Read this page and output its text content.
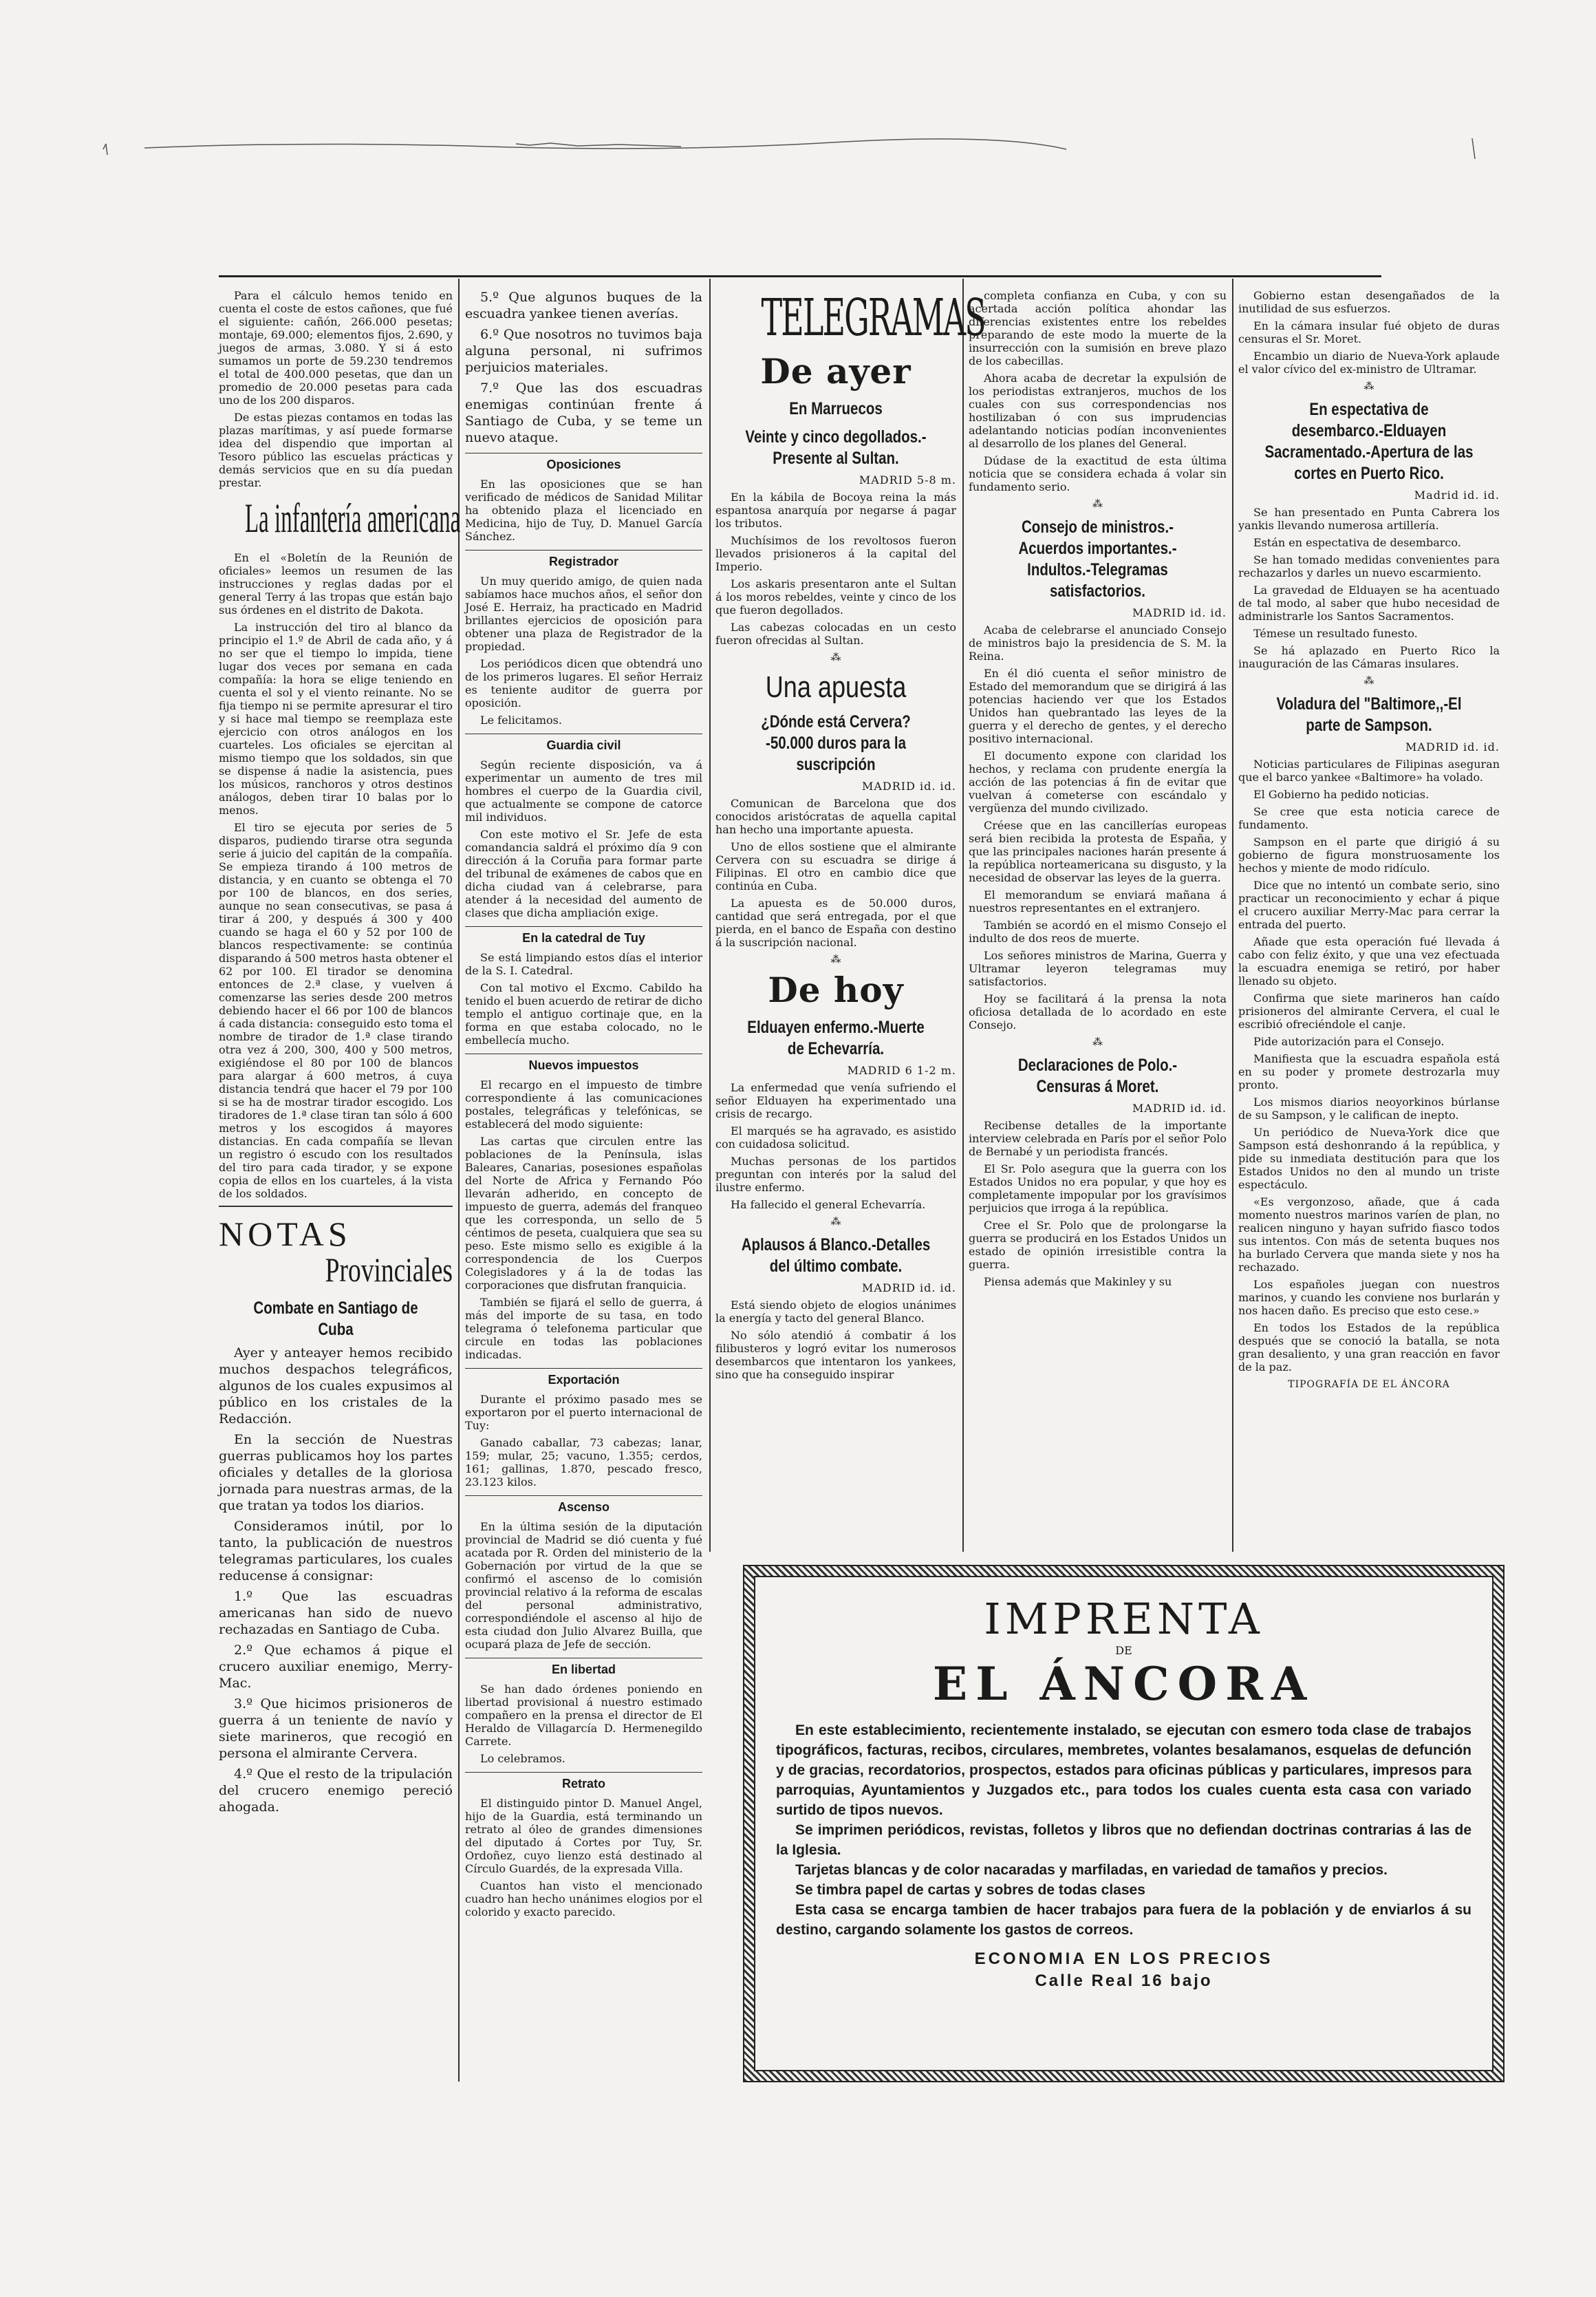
Para el cálculo hemos tenido en cuenta el coste de estos cañones, que fué el siguiente: cañón, 266.000 pesetas; montaje, 69.000; elementos fijos, 2.690, y juegos de armas, 3.080. Y si á esto sumamos un porte de 59.230 tendremos el total de 400.000 pesetas, que dan un promedio de 20.000 pesetas para cada uno de los 200 disparos.

De estas piezas contamos en todas las plazas marítimas, y así puede formarse idea del dispendio que importan al Tesoro público las escuelas prácticas y demás servicios que en su día puedan prestar.

La infantería americana

En el «Boletín de la Reunión de oficiales» leemos un resumen de las instrucciones y reglas dadas por el general Terry á las tropas que están bajo sus órdenes en el distrito de Dakota.

La instrucción del tiro al blanco da principio el 1.º de Abril de cada año, y á no ser que el tiempo lo impida, tiene lugar dos veces por semana en cada compañía: la hora se elige teniendo en cuenta el sol y el viento reinante. No se fija tiempo ni se permite apresurar el tiro y si hace mal tiempo se reemplaza este ejercicio con otros análogos en los cuarteles. Los oficiales se ejercitan al mismo tiempo que los soldados, sin que se dispense á nadie la asistencia, pues los músicos, ranchoros y otros destinos análogos, deben tirar 10 balas por lo menos.

El tiro se ejecuta por series de 5 disparos, pudiendo tirarse otra segunda serie á juicio del capitán de la compañía. Se empieza tirando á 100 metros de distancia, y en cuanto se obtenga el 70 por 100 de blancos, en dos series, aunque no sean consecutivas, se pasa á tirar á 200, y después á 300 y 400 cuando se haga el 60 y 52 por 100 de blancos respectivamente: se continúa disparando á 500 metros hasta obtener el 62 por 100. El tirador se denomina entonces de 2.ª clase, y vuelven á comenzarse las series desde 200 metros debiendo hacer el 66 por 100 de blancos á cada distancia: conseguido esto toma el nombre de tirador de 1.ª clase tirando otra vez á 200, 300, 400 y 500 metros, exigiéndose el 80 por 100 de blancos para alargar á 600 metros, á cuya distancia tendrá que hacer el 79 por 100 si se ha de mostrar tirador escogido. Los tiradores de 1.ª clase tiran tan sólo á 600 metros y los escogidos á mayores distancias. En cada compañía se llevan un registro ó escudo con los resultados del tiro para cada tirador, y se expone copia de ellos en los cuarteles, á la vista de los soldados.

NOTAS
Provinciales
Combate en Santiago de Cuba

Ayer y anteayer hemos recibido muchos despachos telegráficos, algunos de los cuales expusimos al público en los cristales de la Redacción.

En la sección de Nuestras guerras publicamos hoy los partes oficiales y detalles de la gloriosa jornada para nuestras armas, de la que tratan ya todos los diarios.

Consideramos inútil, por lo tanto, la publicación de nuestros telegramas particulares, los cuales reducense á consignar:

1.º Que las escuadras americanas han sido de nuevo rechazadas en Santiago de Cuba.

2.º Que echamos á pique el crucero auxiliar enemigo, Merry-Mac.

3.º Que hicimos prisioneros de guerra á un teniente de navío y siete marineros, que recogió en persona el almirante Cervera.

4.º Que el resto de la tripulación del crucero enemigo pereció ahogada.

5.º Que algunos buques de la escuadra yankee tienen averías.

6.º Que nosotros no tuvimos baja alguna personal, ni sufrimos perjuicios materiales.

7.º Que las dos escuadras enemigas continúan frente á Santiago de Cuba, y se teme un nuevo ataque.

Oposiciones

En las oposiciones que se han verificado de médicos de Sanidad Militar ha obtenido plaza el licenciado en Medicina, hijo de Tuy, D. Manuel García Sánchez.

Registrador

Un muy querido amigo, de quien nada sabíamos hace muchos años, el señor don José E. Herraiz, ha practicado en Madrid brillantes ejercicios de oposición para obtener una plaza de Registrador de la propiedad.

Los periódicos dicen que obtendrá uno de los primeros lugares. El señor Herraiz es teniente auditor de guerra por oposición.

Le felicitamos.

Guardia civil

Según reciente disposición, va á experimentar un aumento de tres mil hombres el cuerpo de la Guardia civil, que actualmente se compone de catorce mil individuos.

Con este motivo el Sr. Jefe de esta comandancia saldrá el próximo día 9 con dirección á la Coruña para formar parte del tribunal de exámenes de cabos que en dicha ciudad van á celebrarse, para atender á la necesidad del aumento de clases que dicha ampliación exige.

En la catedral de Tuy

Se está limpiando estos días el interior de la S. I. Catedral.

Con tal motivo el Excmo. Cabildo ha tenido el buen acuerdo de retirar de dicho templo el antiguo cortinaje que, en la forma en que estaba colocado, no le embellecía mucho.

Nuevos impuestos

El recargo en el impuesto de timbre correspondiente á las comunicaciones postales, telegráficas y telefónicas, se establecerá del modo siguiente:

Las cartas que circulen entre las poblaciones de la Península, islas Baleares, Canarias, posesiones españolas del Norte de Africa y Fernando Póo llevarán adherido, en concepto de impuesto de guerra, además del franqueo que les corresponda, un sello de 5 céntimos de peseta, cualquiera que sea su peso. Este mismo sello es exigible á la correspondencia de los Cuerpos Colegisladores y á la de todas las corporaciones que disfrutan franquicia.

También se fijará el sello de guerra, á más del importe de su tasa, en todo telegrama ó telefonema particular que circule en todas las poblaciones indicadas.

Exportación

Durante el próximo pasado mes se exportaron por el puerto internacional de Tuy:

Ganado caballar, 73 cabezas; lanar, 159; mular, 25; vacuno, 1.355; cerdos, 161; gallinas, 1.870, pescado fresco, 23.123 kilos.

Ascenso

En la última sesión de la diputación provincial de Madrid se dió cuenta y fué acatada por R. Orden del ministerio de la Gobernación por virtud de la que se confirmó el ascenso de lo comisión provincial relativo á la reforma de escalas del personal administrativo, correspondiéndole el ascenso al hijo de esta ciudad don Julio Alvarez Builla, que ocupará plaza de Jefe de sección.

En libertad

Se han dado órdenes poniendo en libertad provisional á nuestro estimado compañero en la prensa el director de El Heraldo de Villagarcía D. Hermenegildo Carrete.

Lo celebramos.

Retrato

El distinguido pintor D. Manuel Angel, hijo de la Guardia, está terminando un retrato al óleo de grandes dimensiones del diputado á Cortes por Tuy, Sr. Ordoñez, cuyo lienzo está destinado al Círculo Guardés, de la expresada Villa.

Cuantos han visto el mencionado cuadro han hecho unánimes elogios por el colorido y exacto parecido.

TELEGRAMAS
De ayer
En Marruecos
Veinte y cinco degollados.-Presente al Sultan.
MADRID 5-8 m.

En la kábila de Bocoya reina la más espantosa anarquía por negarse á pagar los tributos.

Muchísimos de los revoltosos fueron llevados prisioneros á la capital del Imperio.

Los askaris presentaron ante el Sultan á los moros rebeldes, veinte y cinco de los que fueron degollados.

Las cabezas colocadas en un cesto fueron ofrecidas al Sultan.

⁂
Una apuesta
¿Dónde está Cervera?-50.000 duros para la suscripción
MADRID id. id.

Comunican de Barcelona que dos conocidos aristócratas de aquella capital han hecho una importante apuesta.

Uno de ellos sostiene que el almirante Cervera con su escuadra se dirige á Filipinas. El otro en cambio dice que continúa en Cuba.

La apuesta es de 50.000 duros, cantidad que será entregada, por el que pierda, en el banco de España con destino á la suscripción nacional.

⁂
De hoy
Elduayen enfermo.-Muerte de Echevarría.
MADRID 6 1-2 m.

La enfermedad que venía sufriendo el señor Elduayen ha experimentado una crisis de recargo.

El marqués se ha agravado, es asistido con cuidadosa solicitud.

Muchas personas de los partidos preguntan con interés por la salud del ilustre enfermo.

Ha fallecido el general Echevarría.

⁂
Aplausos á Blanco.-Detalles del último combate.
MADRID id. id.

Está siendo objeto de elogios unánimes la energía y tacto del general Blanco.

No sólo atendió á combatir á los filibusteros y logró evitar los numerosos desembarcos que intentaron los yankees, sino que ha conseguido inspirar

completa confianza en Cuba, y con su acertada acción política ahondar las diferencias existentes entre los rebeldes preparando de este modo la muerte de la insurrección con la sumisión en breve plazo de los cabecillas.

Ahora acaba de decretar la expulsión de los periodistas extranjeros, muchos de los cuales con sus correspondencias nos hostilizaban ó con sus imprudencias adelantando noticias podían inconvenientes al desarrollo de los planes del General.

Dúdase de la exactitud de esta última noticia que se considera echada á volar sin fundamento serio.

⁂
Consejo de ministros.-Acuerdos importantes.-Indultos.-Telegramas satisfactorios.
MADRID id. id.

Acaba de celebrarse el anunciado Consejo de ministros bajo la presidencia de S. M. la Reina.

En él dió cuenta el señor ministro de Estado del memorandum que se dirigirá á las potencias haciendo ver que los Estados Unidos han quebrantado las leyes de la guerra y el derecho de gentes, y el derecho positivo internacional.

El documento expone con claridad los hechos, y reclama con prudente energía la acción de las potencias á fin de evitar que vuelvan á cometerse con escándalo y vergüenza del mundo civilizado.

Créese que en las cancillerías europeas será bien recibida la protesta de España, y que las principales naciones harán presente á la república norteamericana su disgusto, y la necesidad de observar las leyes de la guerra.

El memorandum se enviará mañana á nuestros representantes en el extranjero.

También se acordó en el mismo Consejo el indulto de dos reos de muerte.

Los señores ministros de Marina, Guerra y Ultramar leyeron telegramas muy satisfactorios.

Hoy se facilitará á la prensa la nota oficiosa detallada de lo acordado en este Consejo.

⁂
Declaraciones de Polo.-Censuras á Moret.
MADRID id. id.

Recibense detalles de la importante interview celebrada en París por el señor Polo de Bernabé y un periodista francés.

El Sr. Polo asegura que la guerra con los Estados Unidos no era popular, y que hoy es completamente impopular por los gravísimos perjuicios que irroga á la república.

Cree el Sr. Polo que de prolongarse la guerra se producirá en los Estados Unidos un estado de opinión irresistible contra la guerra.

Piensa además que Makinley y su

Gobierno estan desengañados de la inutilidad de sus esfuerzos.

En la cámara insular fué objeto de duras censuras el Sr. Moret.

Encambio un diario de Nueva-York aplaude el valor cívico del ex-ministro de Ultramar.

⁂
En espectativa de desembarco.-Elduayen Sacramentado.-Apertura de las cortes en Puerto Rico.
Madrid id. id.

Se han presentado en Punta Cabrera los yankis llevando numerosa artillería.

Están en espectativa de desembarco.

Se han tomado medidas convenientes para rechazarlos y darles un nuevo escarmiento.

La gravedad de Elduayen se ha acentuado de tal modo, al saber que hubo necesidad de administrarle los Santos Sacramentos.

Témese un resultado funesto.

Se há aplazado en Puerto Rico la inauguración de las Cámaras insulares.

⁂
Voladura del "Baltimore,,-El parte de Sampson.
MADRID id. id.

Noticias particulares de Filipinas aseguran que el barco yankee «Baltimore» ha volado.

El Gobierno ha pedido noticias.

Se cree que esta noticia carece de fundamento.

Sampson en el parte que dirigió á su gobierno de figura monstruosamente los hechos y miente de modo ridículo.

Dice que no intentó un combate serio, sino practicar un reconocimiento y echar á pique el crucero auxiliar Merry-Mac para cerrar la entrada del puerto.

Añade que esta operación fué llevada á cabo con feliz éxito, y que una vez efectuada la escuadra enemiga se retiró, por haber llenado su objeto.

Confirma que siete marineros han caído prisioneros del almirante Cervera, el cual le escribió ofreciéndole el canje.

Pide autorización para el Consejo.

Manifiesta que la escuadra española está en su poder y promete destrozarla muy pronto.

Los mismos diarios neoyorkinos búrlanse de su Sampson, y le califican de inepto.

Un periódico de Nueva-York dice que Sampson está deshonrando á la república, y pide su inmediata destitución para que los Estados Unidos no den al mundo un triste espectáculo.

«Es vergonzoso, añade, que á cada momento nuestros marinos varíen de plan, no realicen ninguno y hayan sufrido fiasco todos sus intentos. Con más de setenta buques nos ha burlado Cervera que manda siete y nos ha rechazado.

Los españoles juegan con nuestros marinos, y cuando les conviene nos burlarán y nos hacen daño. Es preciso que esto cese.»

En todos los Estados de la república después que se conoció la batalla, se nota gran desaliento, y una gran reacción en favor de la paz.

TIPOGRAFÍA DE EL ÁNCORA
IMPRENTA
DE
EL ÁNCORA

En este establecimiento, recientemente instalado, se ejecutan con esmero toda clase de trabajos tipográficos, facturas, recibos, circulares, membretes, volantes besalamanos, esquelas de defunción y de gracias, recordatorios, prospectos, estados para oficinas públicas y particulares, impresos para parroquias, Ayuntamientos y Juzgados etc., para todos los cuales cuenta esta casa con variado surtido de tipos nuevos.

Se imprimen periódicos, revistas, folletos y libros que no defiendan doctrinas contrarias á las de la Iglesia.

Tarjetas blancas y de color nacaradas y marfiladas, en variedad de tamaños y precios.

Se timbra papel de cartas y sobres de todas clases

Esta casa se encarga tambien de hacer trabajos para fuera de la población y de enviarlos á su destino, cargando solamente los gastos de correos.

ECONOMIA EN LOS PRECIOS
Calle Real 16 bajo
